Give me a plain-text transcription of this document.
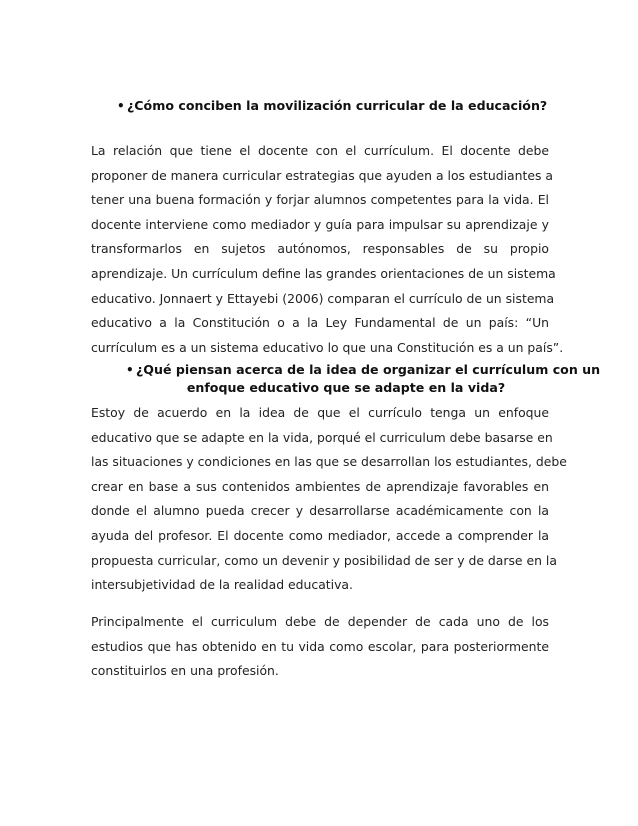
• ¿Cómo conciben la movilización curricular de la educación?
La relación que tiene el docente con el currículum. El docente debe
proponer de manera curricular estrategias que ayuden a los estudiantes a
tener una buena formación y forjar alumnos competentes para la vida. El
docente interviene como mediador y guía para impulsar su aprendizaje y
transformarlos en sujetos autónomos, responsables de su propio
aprendizaje. Un currículum define las grandes orientaciones de un sistema
educativo. Jonnaert y Ettayebi (2006) comparan el currículo de un sistema
educativo a la Constitución o a la Ley Fundamental de un país: “Un
currículum es a un sistema educativo lo que una Constitución es a un país”.
• ¿Qué piensan acerca de la idea de organizar el currículum con un
enfoque educativo que se adapte en la vida?
Estoy de acuerdo en la idea de que el currículo tenga un enfoque
educativo que se adapte en la vida, porqué el curriculum debe basarse en
las situaciones y condiciones en las que se desarrollan los estudiantes, debe
crear en base a sus contenidos ambientes de aprendizaje favorables en
donde el alumno pueda crecer y desarrollarse académicamente con la
ayuda del profesor. El docente como mediador, accede a comprender la
propuesta curricular, como un devenir y posibilidad de ser y de darse en la
intersubjetividad de la realidad educativa.
Principalmente el curriculum debe de depender de cada uno de los
estudios que has obtenido en tu vida como escolar, para posteriormente
constituirlos en una profesión.
